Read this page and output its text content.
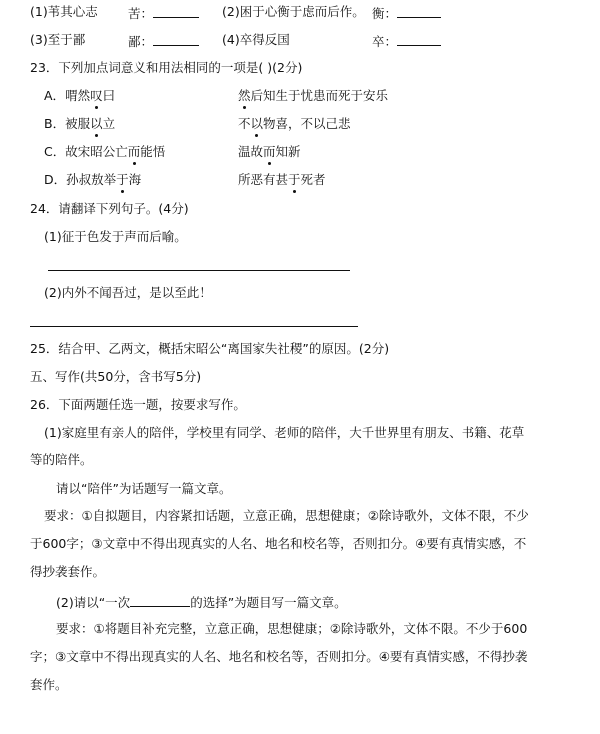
(1)苇其心志 苦：	(2)困于心衡于虑而后作。 衡：
(3)至于鄙	鄙：	(4)卒得反国	卒：
23．下列加点词意义和用法相同的一项是( )(2分)
A．喟然叹曰	然后知生于忧患而死于安乐
B．被服以立	不以物喜，不以己悲
C．故宋昭公亡而能悟	温故而知新
D．孙叔敖举于海	所恶有甚于死者
24．请翻译下列句子。(4分)
(1)征于色发于声而后喻。
(2)内外不闻吾过，是以至此！
25．结合甲、乙两文，概括宋昭公“离国家失社稷”的原因。(2分)
五、写作(共50分，含书写5分)
26．下面两题任选一题，按要求写作。
(1)家庭里有亲人的陪伴，学校里有同学、老师的陪伴，大千世界里有朋友、书籍、花草
等的陪伴。
请以“陪伴”为话题写一篇文章。
要求：①自拟题目，内容紧扣话题，立意正确，思想健康；②除诗歌外，文体不限，不少
于600字；③文章中不得出现真实的人名、地名和校名等，否则扣分。④要有真情实感，不
得抄袭套作。
(2)请以“一次	的选择”为题目写一篇文章。
要求：①将题目补充完整，立意正确，思想健康；②除诗歌外，文体不限。不少于600
字；③文章中不得出现真实的人名、地名和校名等，否则扣分。④要有真情实感，不得抄袭
套作。
